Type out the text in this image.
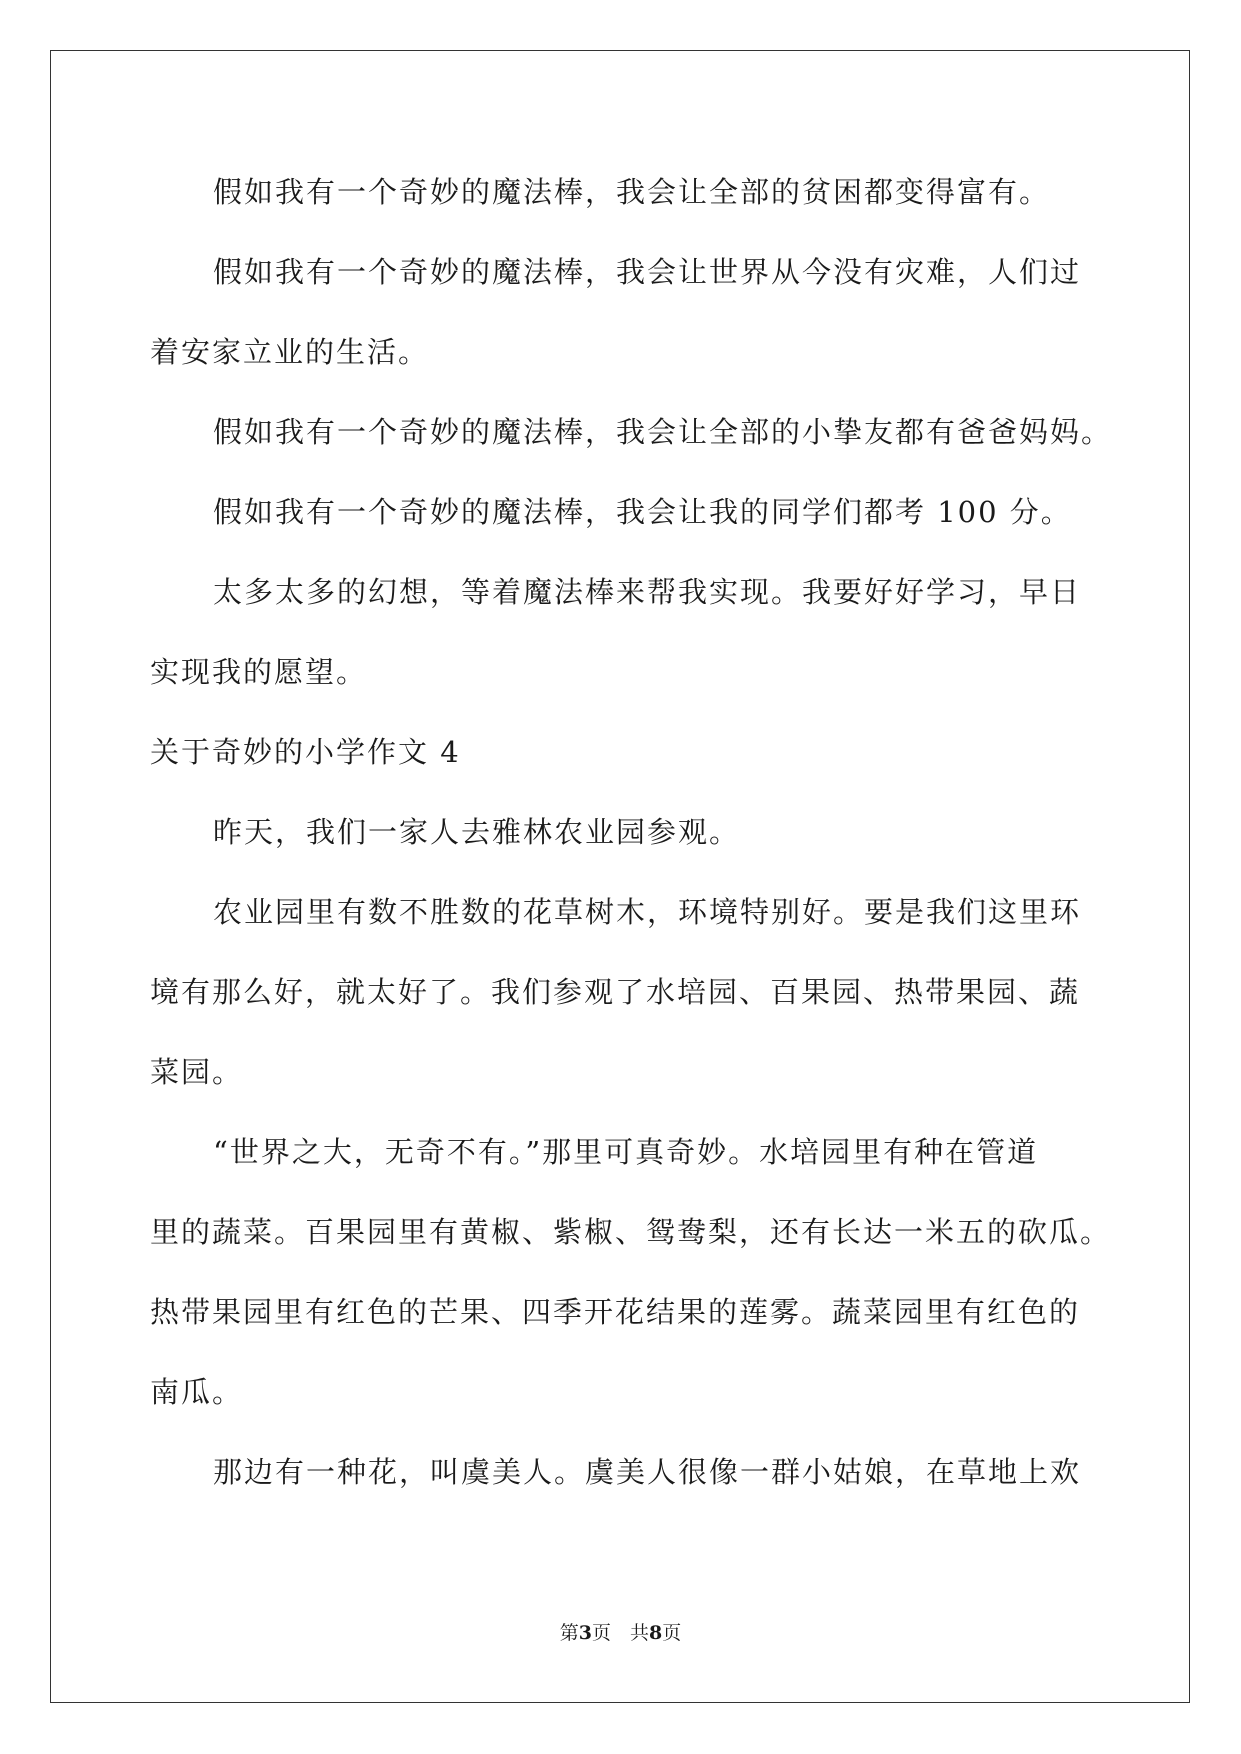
假如我有一个奇妙的魔法棒，我会让全部的贫困都变得富有。
假如我有一个奇妙的魔法棒，我会让世界从今没有灾难，人们过
着安家立业的生活。
假如我有一个奇妙的魔法棒，我会让全部的小挚友都有爸爸妈妈。
假如我有一个奇妙的魔法棒，我会让我的同学们都考 100 分。
太多太多的幻想，等着魔法棒来帮我实现。我要好好学习，早日
实现我的愿望。
关于奇妙的小学作文 4
昨天，我们一家人去雅林农业园参观。
农业园里有数不胜数的花草树木，环境特别好。要是我们这里环
境有那么好，就太好了。我们参观了水培园、百果园、热带果园、蔬
菜园。
“世界之大，无奇不有。”那里可真奇妙。水培园里有种在管道
里的蔬菜。百果园里有黄椒、紫椒、鸳鸯梨，还有长达一米五的砍瓜。
热带果园里有红色的芒果、四季开花结果的莲雾。蔬菜园里有红色的
南瓜。
那边有一种花，叫虞美人。虞美人很像一群小姑娘，在草地上欢
第3页　共8页
